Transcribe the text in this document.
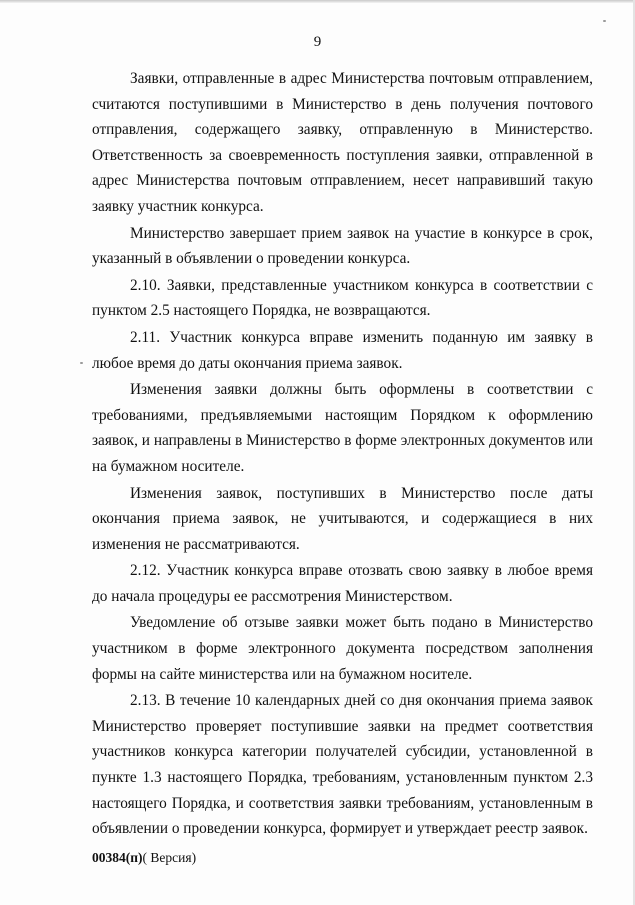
9

Заявки, отправленные в адрес Министерства почтовым отправлением, считаются поступившими в Министерство в день получения почтового отправления, содержащего заявку, отправленную в Министерство. Ответственность за своевременность поступления заявки, отправленной в адрес Министерства почтовым отправлением, несет направивший такую заявку участник конкурса.

Министерство завершает прием заявок на участие в конкурсе в срок, указанный в объявлении о проведении конкурса.

2.10. Заявки, представленные участником конкурса в соответствии с пунктом 2.5 настоящего Порядка, не возвращаются.

2.11. Участник конкурса вправе изменить поданную им заявку в любое время до даты окончания приема заявок.

Изменения заявки должны быть оформлены в соответствии с требованиями, предъявляемыми настоящим Порядком к оформлению заявок, и направлены в Министерство в форме электронных документов или на бумажном носителе.

Изменения заявок, поступивших в Министерство после даты окончания приема заявок, не учитываются, и содержащиеся в них изменения не рассматриваются.

2.12. Участник конкурса вправе отозвать свою заявку в любое время до начала процедуры ее рассмотрения Министерством.

Уведомление об отзыве заявки может быть подано в Министерство участником в форме электронного документа посредством заполнения формы на сайте министерства или на бумажном носителе.

2.13. В течение 10 календарных дней со дня окончания приема заявок Министерство проверяет поступившие заявки на предмет соответствия участников конкурса категории получателей субсидии, установленной в пункте 1.3 настоящего Порядка, требованиям, установленным пунктом 2.3 настоящего Порядка, и соответствия заявки требованиям, установленным в объявлении о проведении конкурса, формирует и утверждает реестр заявок.

00384(п)( Версия)
